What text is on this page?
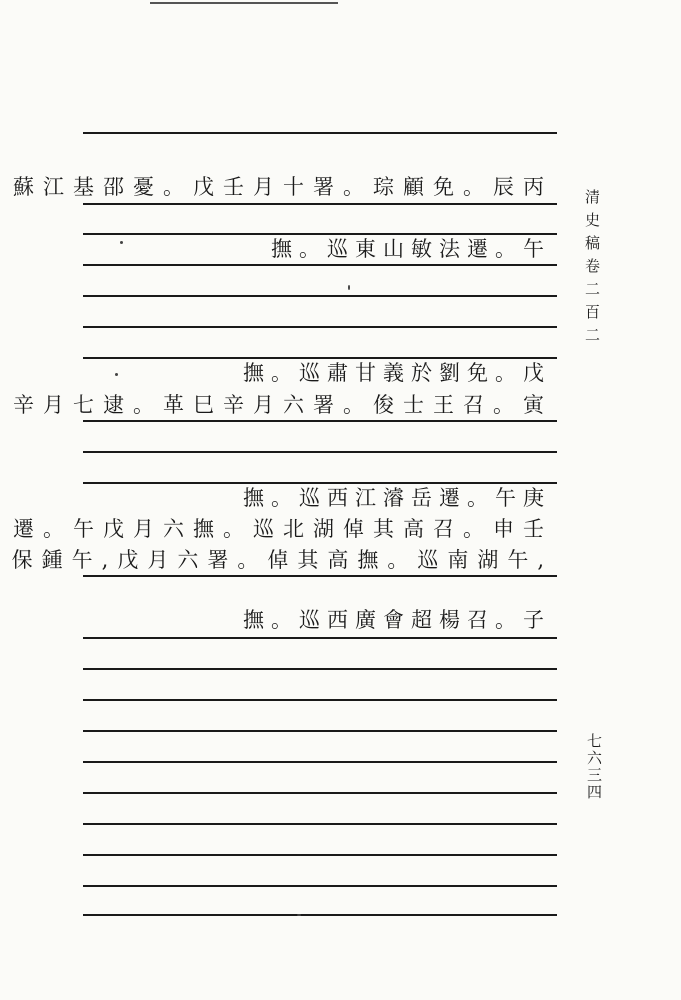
蘇江基邵憂。戊壬月十署。琮顧免。辰丙
撫。巡東山敏法遷。午
撫。巡肅甘義於劉免。戊
辛月七逮。革巳辛月六署。俊士王召。寅
撫。巡西江濬岳遷。午庚
遷。午戊月六撫。巡北湖倬其高召。申壬
保鍾午,戊月六署。倬其高撫。巡南湖午,
撫。巡西廣會超楊召。子
清史稿卷二百二
七六三四
